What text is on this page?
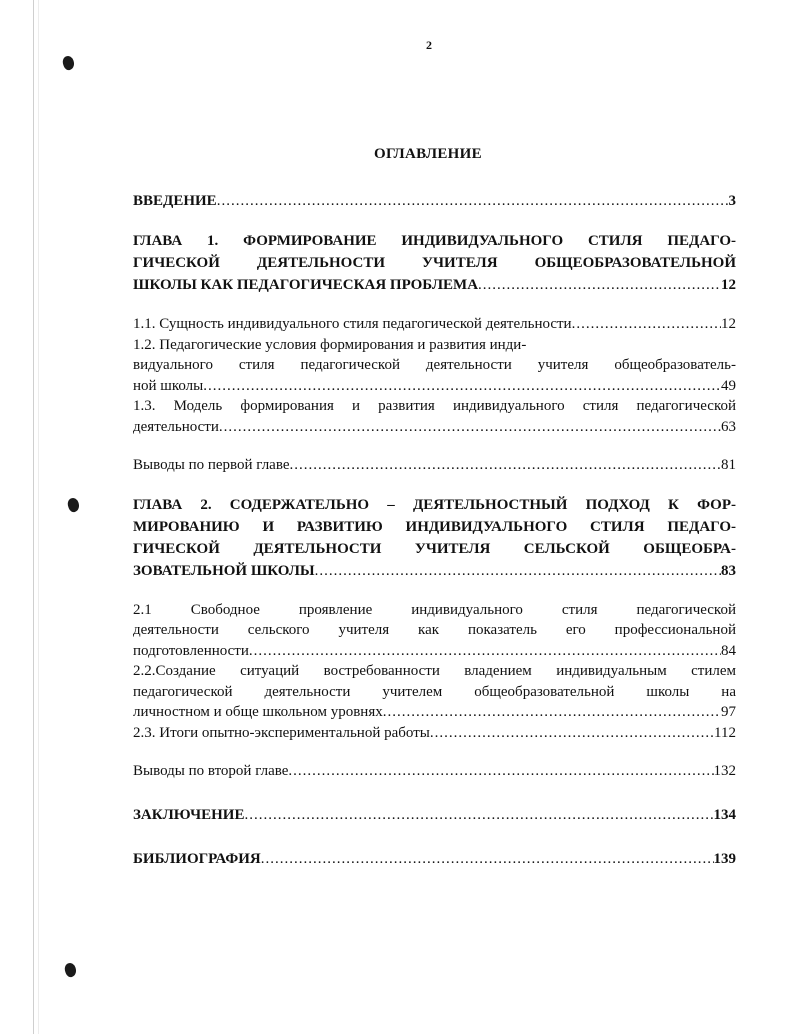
2
ОГЛАВЛЕНИЕ
ВВЕДЕНИЕ .....	3
ГЛАВА 1. ФОРМИРОВАНИЕ ИНДИВИДУАЛЬНОГО СТИЛЯ ПЕДАГО-
ГИЧЕСКОЙ ДЕЯТЕЛЬНОСТИ УЧИТЕЛЯ ОБЩЕОБРАЗОВАТЕЛЬНОЙ
ШКОЛЫ КАК ПЕДАГОГИЧЕСКАЯ ПРОБЛЕМА .....	12
1.1. Сущность индивидуального стиля педагогической деятельности .....	12
1.2. Педагогические условия формирования и развития инди-
видуального стиля педагогической деятельности учителя общеобразователь-
ной школы .....	49
1.3. Модель формирования и развития индивидуального стиля педагогической
деятельности .....	63
Выводы по первой главе .....	81
ГЛАВА 2. СОДЕРЖАТЕЛЬНО – ДЕЯТЕЛЬНОСТНЫЙ ПОДХОД К ФОР-
МИРОВАНИЮ И РАЗВИТИЮ ИНДИВИДУАЛЬНОГО СТИЛЯ ПЕДАГО-
ГИЧЕСКОЙ ДЕЯТЕЛЬНОСТИ УЧИТЕЛЯ СЕЛЬСКОЙ ОБЩЕОБРА-
ЗОВАТЕЛЬНОЙ ШКОЛЫ .....	83
2.1 Свободное проявление индивидуального стиля педагогической
деятельности сельского учителя как показатель его профессиональной
подготовленности .....	84
2.2.Создание ситуаций востребованности владением индивидуальным стилем
педагогической деятельности учителем общеобразовательной школы на
личностном и обще школьном уровнях .....	97
2.3. Итоги опытно-экспериментальной работы .....	112
Выводы по второй главе .....	132
ЗАКЛЮЧЕНИЕ .....	134
БИБЛИОГРАФИЯ .....	139
